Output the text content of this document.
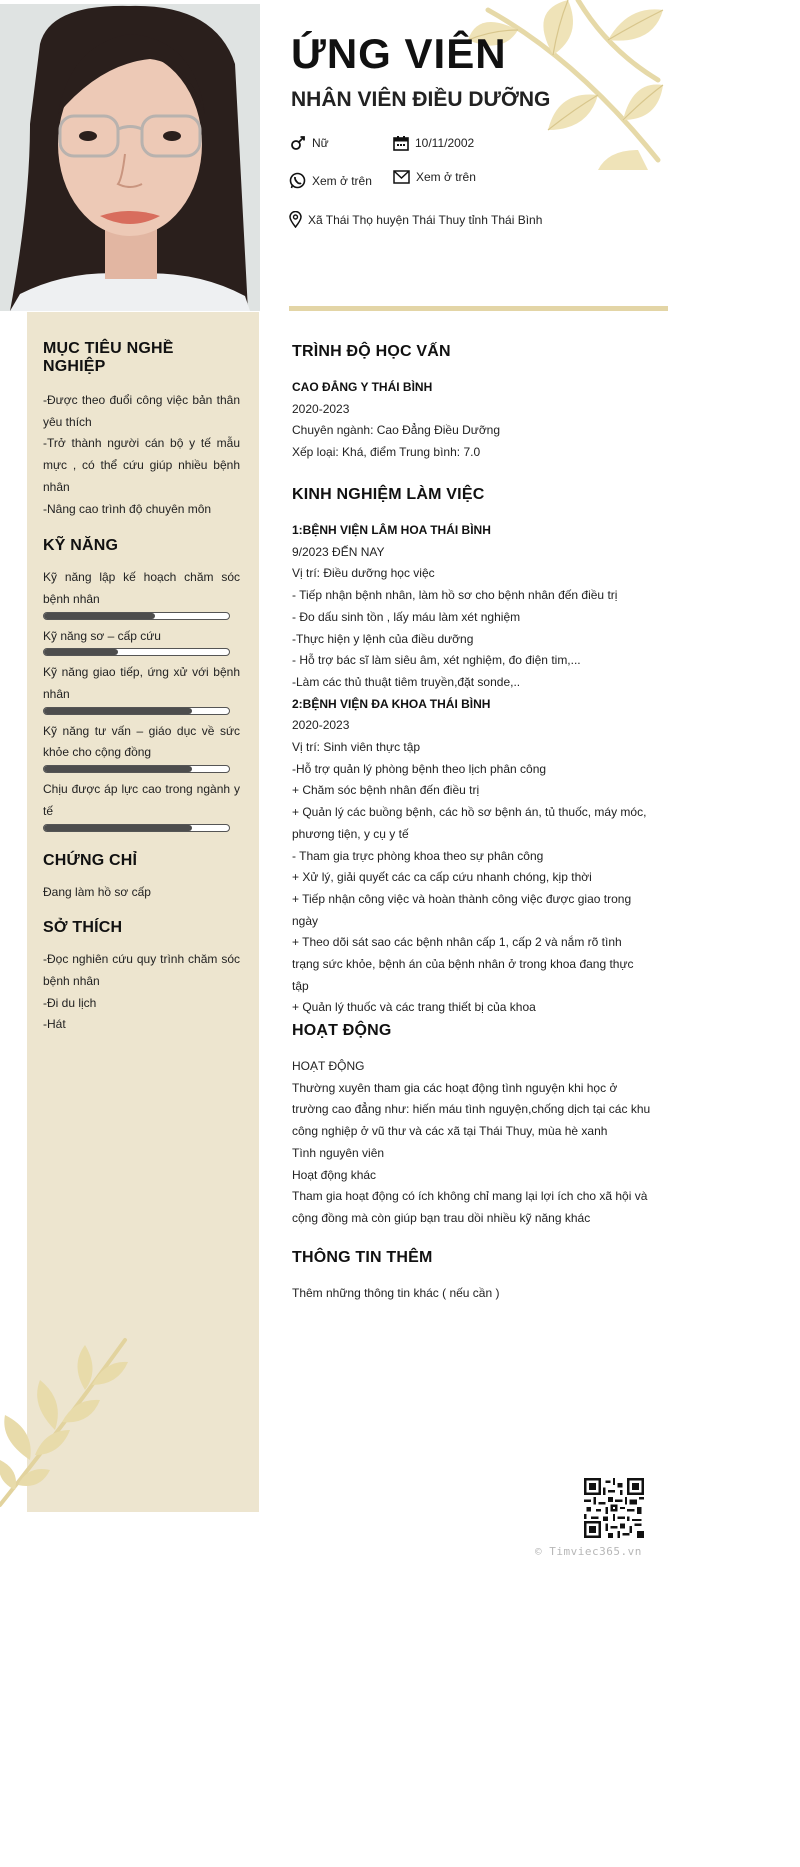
ỨNG VIÊN
NHÂN VIÊN ĐIỀU DƯỠNG
Nữ	10/11/2002
Xem ở trên	Xem ở trên
Xã Thái Thọ huyện Thái Thuy tỉnh Thái Bình
MỤC TIÊU NGHỀ NGHIỆP
-Được theo đuổi công việc bản thân yêu thích
-Trở thành người cán bộ y tế mẫu mực , có thể cứu giúp nhiều bệnh nhân
-Nâng cao trình độ chuyên môn
KỸ NĂNG
Kỹ năng lập kế hoạch chăm sóc bệnh nhân
Kỹ năng sơ – cấp cứu
Kỹ năng giao tiếp, ứng xử với bệnh nhân
Kỹ năng tư vấn – giáo dục về sức khỏe cho cộng đồng
Chịu được áp lực cao trong ngành y tế
CHỨNG CHỈ
Đang làm hồ sơ cấp
SỞ THÍCH
-Đọc nghiên cứu quy trình chăm sóc bệnh nhân
-Đi du lịch
-Hát
TRÌNH ĐỘ HỌC VẤN
CAO ĐẲNG Y THÁI BÌNH
2020-2023
Chuyên ngành: Cao Đẳng Điều Dưỡng
Xếp loại: Khá, điểm Trung bình: 7.0
KINH NGHIỆM LÀM VIỆC
1:BỆNH VIỆN LÂM HOA THÁI BÌNH
9/2023 ĐẾN NAY
Vị trí: Điều dưỡng học việc
- Tiếp nhận bệnh nhân, làm hồ sơ cho bệnh nhân đến điều trị
- Đo dấu sinh tồn , lấy máu làm xét nghiệm
-Thực hiện y lệnh của điều dưỡng
- Hỗ trợ bác sĩ làm siêu âm, xét nghiệm, đo điện tim,...
-Làm các thủ thuật tiêm truyền,đặt sonde,..
2:BỆNH VIỆN ĐA KHOA THÁI BÌNH
2020-2023
Vị trí: Sinh viên thực tập
-Hỗ trợ quản lý phòng bệnh theo lịch phân công
+ Chăm sóc bệnh nhân đến điều trị
+ Quản lý các buồng bệnh, các hồ sơ bệnh án, tủ thuốc, máy móc, phương tiện, y cụ y tế
- Tham gia trực phòng khoa theo sự phân công
+ Xử lý, giải quyết các ca cấp cứu nhanh chóng, kịp thời
+ Tiếp nhận công việc và hoàn thành công việc được giao trong ngày
+ Theo dõi sát sao các bệnh nhân cấp 1, cấp 2 và nắm rõ tình trạng sức khỏe, bệnh án của bệnh nhân ở trong khoa đang thực tập
+ Quản lý thuốc và các trang thiết bị của khoa
HOẠT ĐỘNG
HOẠT ĐỘNG
Thường xuyên tham gia các hoạt động tình nguyện khi học ở trường cao đẳng như: hiến máu tình nguyện,chống dịch tại các khu công nghiệp ở vũ thư và các xã tại Thái Thuy, mùa hè xanh
Tình nguyên viên
Hoạt động khác
Tham gia hoạt động có ích không chỉ mang lại lợi ích cho xã hội và cộng đồng mà còn giúp bạn trau dồi nhiều kỹ năng khác
THÔNG TIN THÊM
Thêm những thông tin khác ( nếu cần )
© Timviec365.vn
